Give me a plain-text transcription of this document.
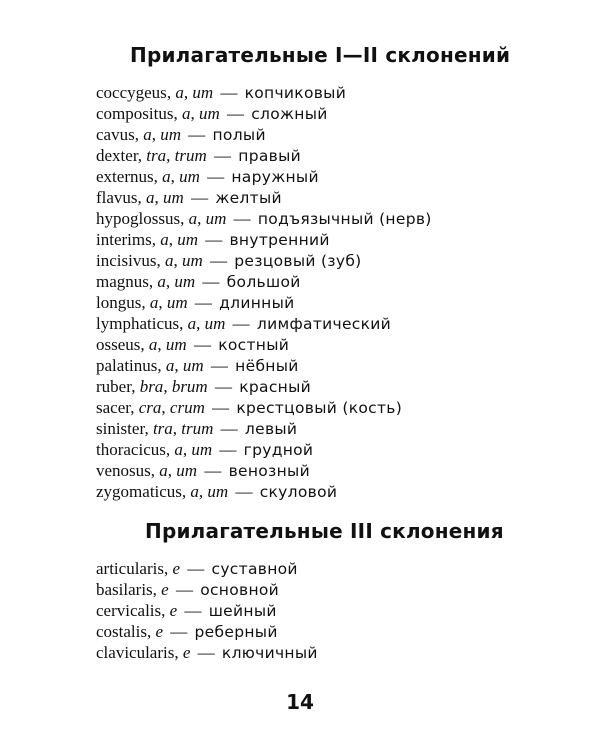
Прилагательные I—II склонений
coccygeus, a, um — копчиковый
compositus, a, um — сложный
cavus, a, um — полый
dexter, tra, trum — правый
externus, a, um — наружный
flavus, a, um — желтый
hypoglossus, a, um — подъязычный (нерв)
interims, a, um — внутренний
incisivus, a, um — резцовый (зуб)
magnus, a, um — большой
longus, a, um — длинный
lymphaticus, a, um — лимфатический
osseus, a, um — костный
palatinus, a, um — нёбный
ruber, bra, brum — красный
sacer, cra, crum — крестцовый (кость)
sinister, tra, trum — левый
thoracicus, a, um — грудной
venosus, a, um — венозный
zygomaticus, a, um — скуловой
Прилагательные III склонения
articularis, e — суставной
basilaris, e — основной
cervicalis, e — шейный
costalis, e — реберный
clavicularis, e — ключичный
14
